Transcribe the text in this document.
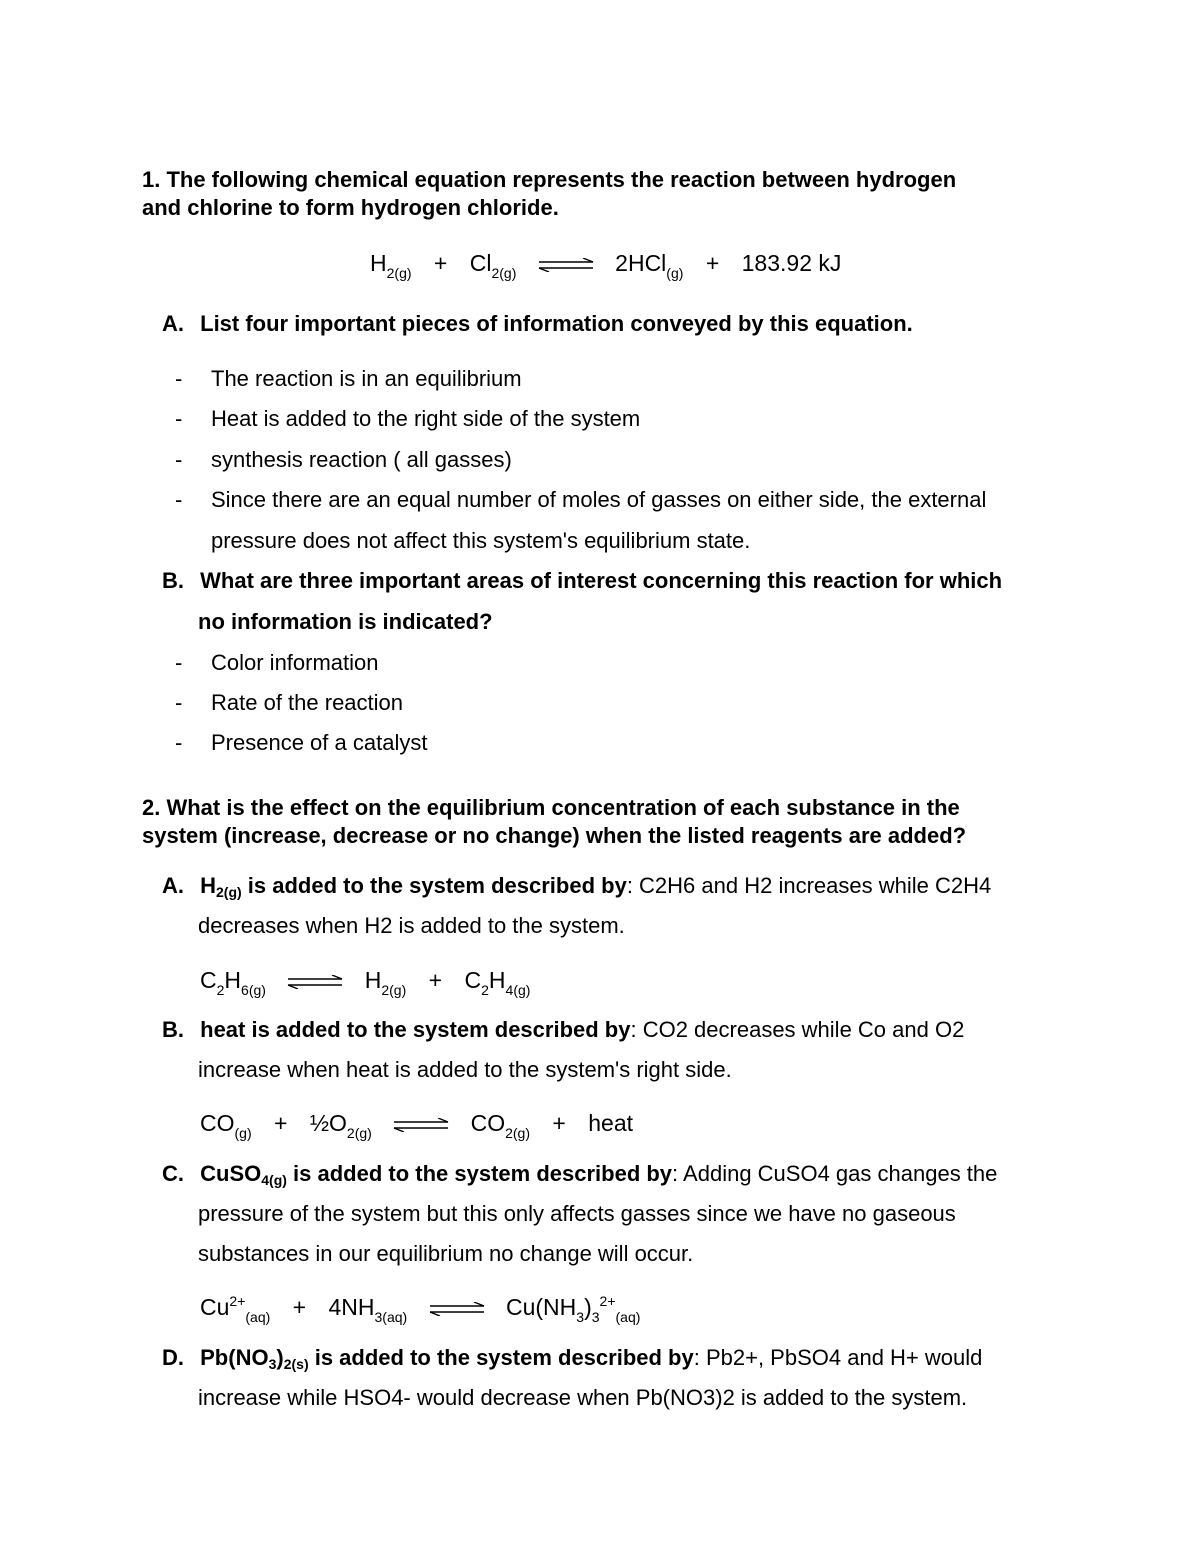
1. The following chemical equation represents the reaction between hydrogen
and chlorine to form hydrogen chloride.
$H_{2(g)} + Cl_{2(g)}$ ⇌ 2HCl$_{(g)}$ + 183.92 kJ
A. List four important pieces of information conveyed by this equation.
- The reaction is in an equilibrium
- Heat is added to the right side of the system
- synthesis reaction ( all gasses)
- Since there are an equal number of moles of gasses on either side, the external
pressure does not affect this system's equilibrium state.
B. What are three important areas of interest concerning this reaction for which
no information is indicated?
- Color information
- Rate of the reaction
- Presence of a catalyst
2. What is the effect on the equilibrium concentration of each substance in the
system (increase, decrease or no change) when the listed reagents are added?
A. $H_{2(g)}$ is added to the system described by: C2H6 and H2 increases while C2H4
decreases when H2 is added to the system.
$C_2H_{6(g)}$ ⇌ $H_{2(g)} + C_2H_{4(g)}$
B. heat is added to the system described by: CO2 decreases while Co and O2
increase when heat is added to the system's right side.
$CO_{(g)}$ + $\frac{1}{2}O_{2(g)}$ ⇌ $CO_{2(g)}$ + heat
C. CuSO$_{4(g)}$ is added to the system described by: Adding CuSO4 gas changes the
pressure of the system but this only affects gasses since we have no gaseous
substances in our equilibrium no change will occur.
$Cu^{2+}_{(aq)} + 4NH_{3(aq)}$ ⇌ $Cu(NH_3)_3^{2+}_{(aq)}$
D. $Pb(NO_3)_{2(s)}$ is added to the system described by: Pb2+, PbSO4 and H+ would
increase while HSO4- would decrease when Pb(NO3)2 is added to the system.
